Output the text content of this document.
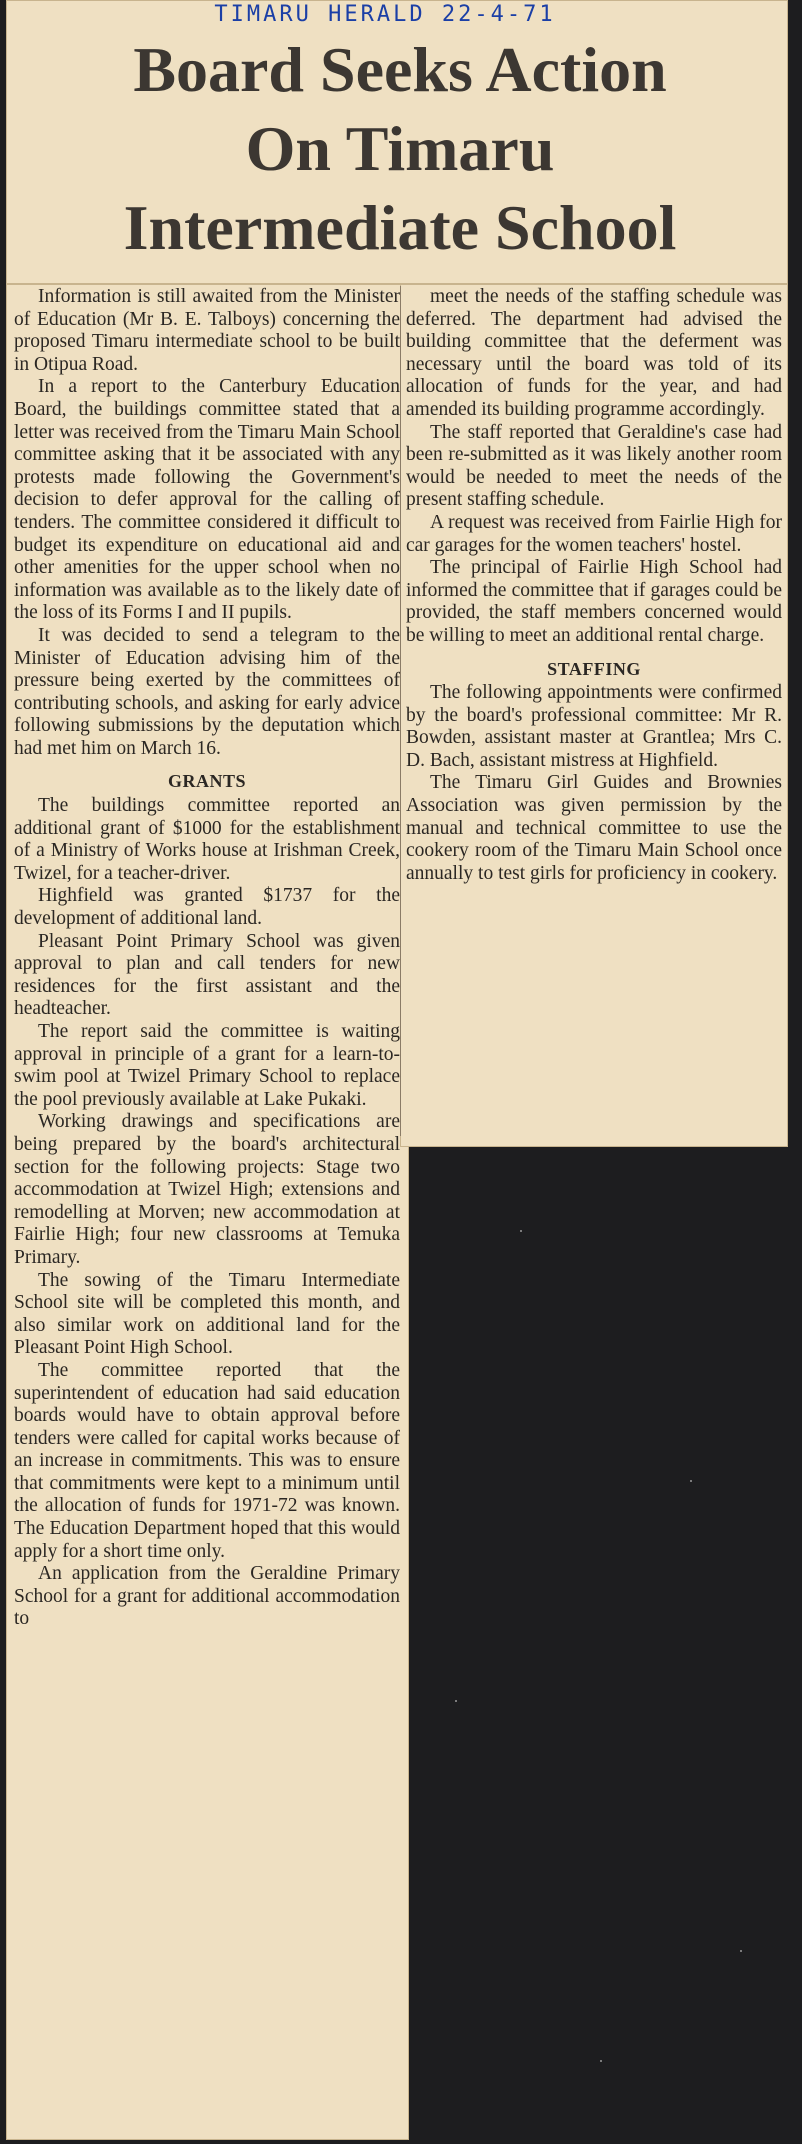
TIMARU HERALD 22-4-71
Board Seeks Action
On Timaru
Intermediate School

Information is still awaited from the Minister of Education (Mr B. E. Talboys) concerning the proposed Timaru intermediate school to be built in Otipua Road.

In a report to the Canterbury Education Board, the buildings committee stated that a letter was received from the Timaru Main School committee asking that it be associated with any protests made following the Government's decision to defer approval for the calling of tenders. The committee considered it difficult to budget its expenditure on educational aid and other amenities for the upper school when no information was available as to the likely date of the loss of its Forms I and II pupils.

It was decided to send a telegram to the Minister of Education advising him of the pressure being exerted by the committees of contributing schools, and asking for early advice following submissions by the deputation which had met him on March 16.

GRANTS

The buildings committee reported an additional grant of $1000 for the establishment of a Ministry of Works house at Irishman Creek, Twizel, for a teacher-driver.

Highfield was granted $1737 for the development of additional land.

Pleasant Point Primary School was given approval to plan and call tenders for new residences for the first assistant and the headteacher.

The report said the committee is waiting approval in principle of a grant for a learn-to-swim pool at Twizel Primary School to replace the pool previously available at Lake Pukaki.

Working drawings and specifications are being prepared by the board's architectural section for the following projects: Stage two accommodation at Twizel High; extensions and remodelling at Morven; new accommodation at Fairlie High; four new classrooms at Temuka Primary.

The sowing of the Timaru Intermediate School site will be completed this month, and also similar work on additional land for the Pleasant Point High School.

The committee reported that the superintendent of education had said education boards would have to obtain approval before tenders were called for capital works because of an increase in commitments. This was to ensure that commitments were kept to a minimum until the allocation of funds for 1971-72 was known. The Education Department hoped that this would apply for a short time only.

An application from the Geraldine Primary School for a grant for additional accommodation to

meet the needs of the staffing schedule was deferred. The department had advised the building committee that the deferment was necessary until the board was told of its allocation of funds for the year, and had amended its building programme accordingly.

The staff reported that Geraldine's case had been re-submitted as it was likely another room would be needed to meet the needs of the present staffing schedule.

A request was received from Fairlie High for car garages for the women teachers' hostel.

The principal of Fairlie High School had informed the committee that if garages could be provided, the staff members concerned would be willing to meet an additional rental charge.

STAFFING

The following appointments were confirmed by the board's professional committee: Mr R. Bowden, assistant master at Grantlea; Mrs C. D. Bach, assistant mistress at Highfield.

The Timaru Girl Guides and Brownies Association was given permission by the manual and technical committee to use the cookery room of the Timaru Main School once annually to test girls for proficiency in cookery.
